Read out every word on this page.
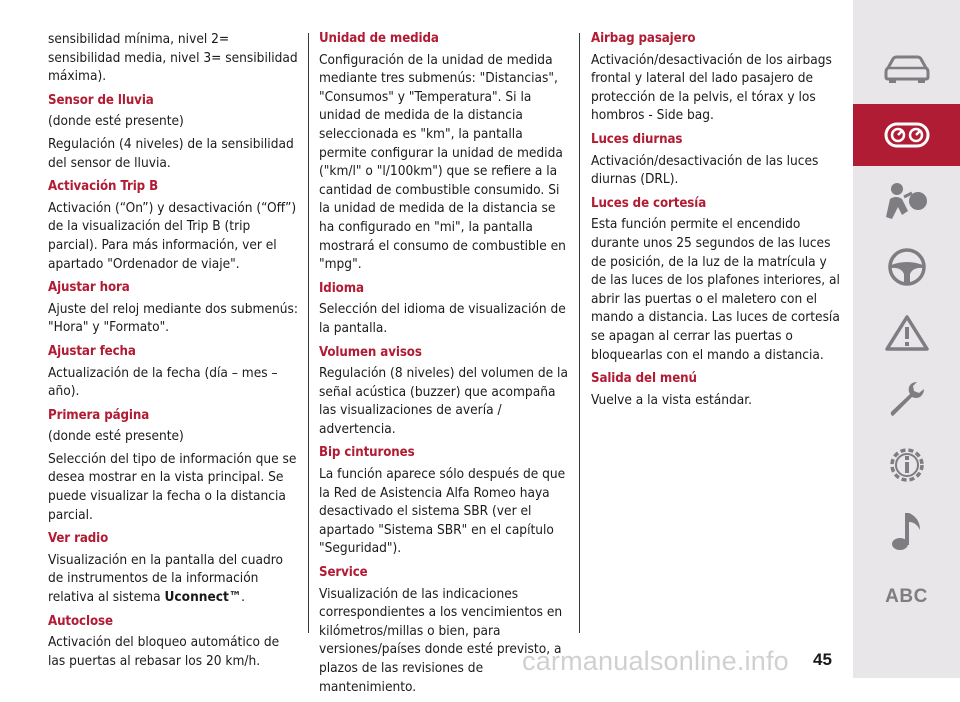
sensibilidad mínima, nivel 2= sensibilidad media, nivel 3= sensibilidad máxima).
Sensor de lluvia
(donde esté presente)
Regulación (4 niveles) de la sensibilidad del sensor de lluvia.
Activación Trip B
Activación (“On”) y desactivación (“Off”) de la visualización del Trip B (trip parcial). Para más información, ver el apartado "Ordenador de viaje".
Ajustar hora
Ajuste del reloj mediante dos submenús: "Hora" y "Formato".
Ajustar fecha
Actualización de la fecha (día – mes – año).
Primera página
(donde esté presente)
Selección del tipo de información que se desea mostrar en la vista principal. Se puede visualizar la fecha o la distancia parcial.
Ver radio
Visualización en la pantalla del cuadro de instrumentos de la información relativa al sistema Uconnect™.
Autoclose
Activación del bloqueo automático de las puertas al rebasar los 20 km/h.
Unidad de medida
Configuración de la unidad de medida mediante tres submenús: "Distancias", "Consumos" y "Temperatura". Si la unidad de medida de la distancia seleccionada es "km", la pantalla permite configurar la unidad de medida ("km/l" o "l/100km") que se refiere a la cantidad de combustible consumido. Si la unidad de medida de la distancia se ha configurado en "mi", la pantalla mostrará el consumo de combustible en "mpg".
Idioma
Selección del idioma de visualización de la pantalla.
Volumen avisos
Regulación (8 niveles) del volumen de la señal acústica (buzzer) que acompaña las visualizaciones de avería / advertencia.
Bip cinturones
La función aparece sólo después de que la Red de Asistencia Alfa Romeo haya desactivado el sistema SBR (ver el apartado "Sistema SBR" en el capítulo "Seguridad").
Service
Visualización de las indicaciones correspondientes a los vencimientos en kilómetros/millas o bien, para versiones/países donde esté previsto, a plazos de las revisiones de mantenimiento.
Airbag pasajero
Activación/desactivación de los airbags frontal y lateral del lado pasajero de protección de la pelvis, el tórax y los hombros - Side bag.
Luces diurnas
Activación/desactivación de las luces diurnas (DRL).
Luces de cortesía
Esta función permite el encendido durante unos 25 segundos de las luces de posición, de la luz de la matrícula y de las luces de los plafones interiores, al abrir las puertas o el maletero con el mando a distancia. Las luces de cortesía se apagan al cerrar las puertas o bloquearlas con el mando a distancia.
Salida del menú
Vuelve a la vista estándar.
ABC
carmanualsonline.info 45
